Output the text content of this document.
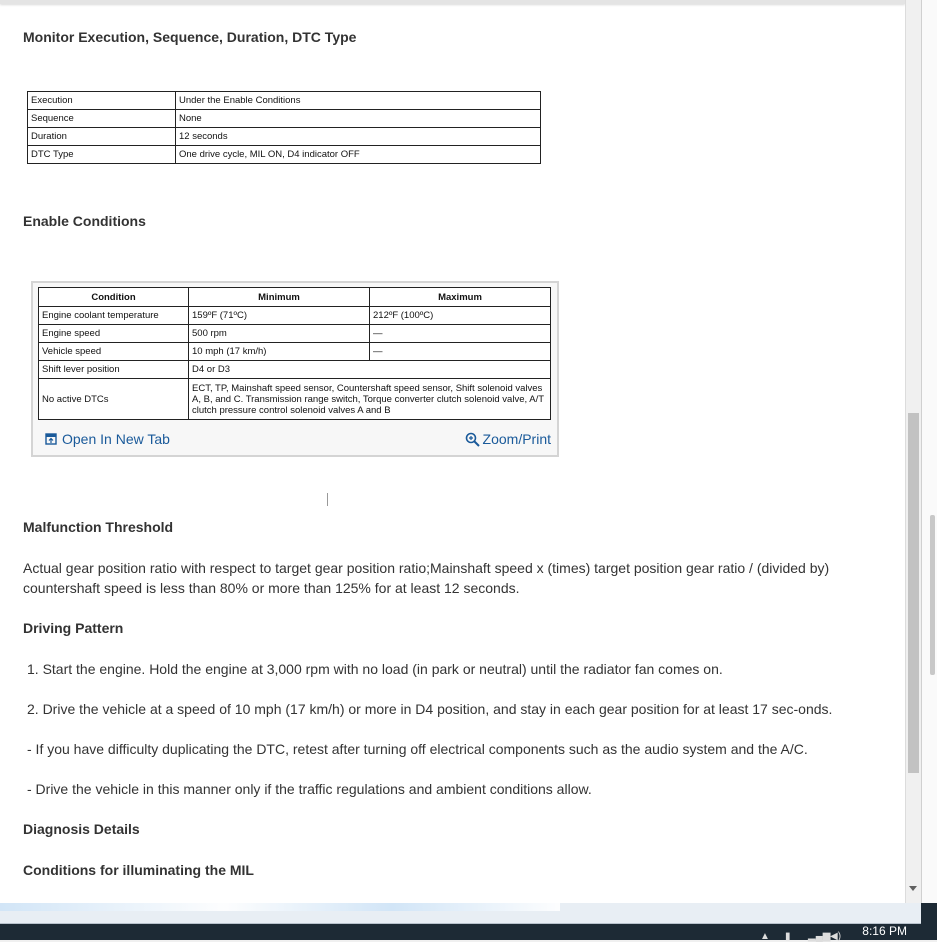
Monitor Execution, Sequence, Duration, DTC Type
Execution	Under the Enable Conditions
Sequence	None
Duration	12 seconds
DTC Type	One drive cycle, MIL ON, D4 indicator OFF
Enable Conditions
Condition	Minimum	Maximum
Engine coolant temperature	159ºF (71ºC)	212ºF (100ºC)
Engine speed	500 rpm	—
Vehicle speed	10 mph (17 km/h)	—
Shift lever position	D4 or D3	
No active DTCs	ECT, TP, Mainshaft speed sensor, Countershaft speed sensor, Shift solenoid valves A, B, and C. Transmission range switch, Torque converter clutch solenoid valve, A/T clutch pressure control solenoid valves A and B	
Open In New Tab	Zoom/Print
Malfunction Threshold
Actual gear position ratio with respect to target gear position ratio;Mainshaft speed x (times) target position gear ratio / (divided by) countershaft speed is less than 80% or more than 125% for at least 12 seconds.
Driving Pattern
1. Start the engine. Hold the engine at 3,000 rpm with no load (in park or neutral) until the radiator fan comes on.
2. Drive the vehicle at a speed of 10 mph (17 km/h) or more in D4 position, and stay in each gear position for at least 17 sec-onds.
- If you have difficulty duplicating the DTC, retest after turning off electrical components such as the audio system and the A/C.
- Drive the vehicle in this manner only if the traffic regulations and ambient conditions allow.
Diagnosis Details
Conditions for illuminating the MIL
▲ ▮ ▂▄▆ ◀) 8:16 PM
